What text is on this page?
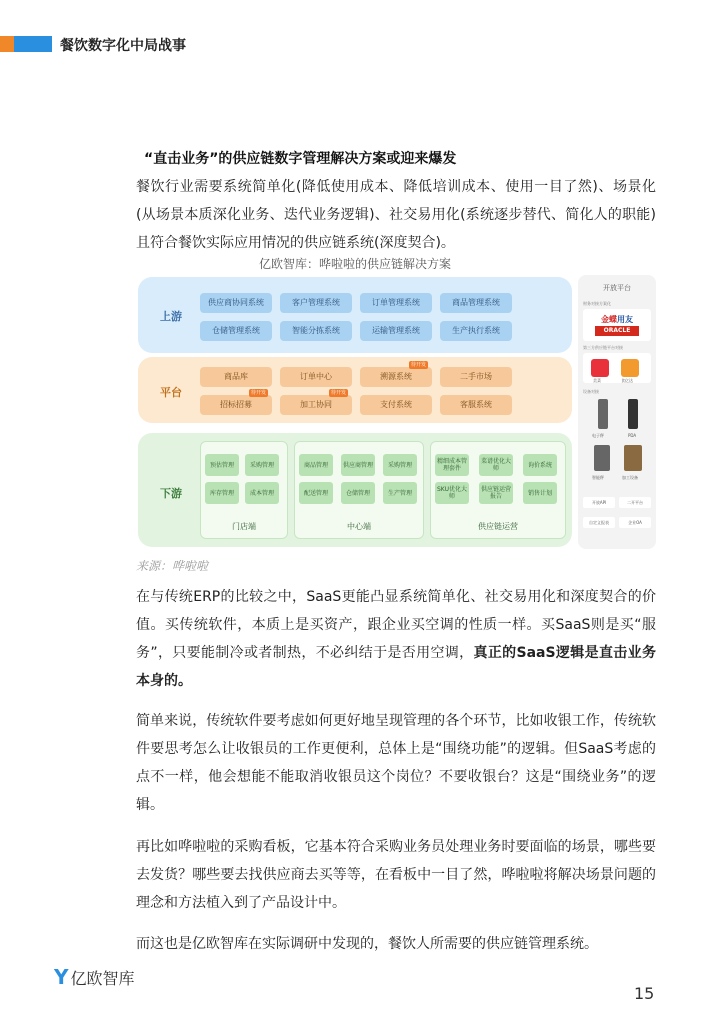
餐饮数字化中局战事
“直击业务”的供应链数字管理解决方案或迎来爆发
餐饮行业需要系统简单化(降低使用成本、降低培训成本、使用一目了然)、场景化(从场景本质深化业务、迭代业务逻辑)、社交易用化(系统逐步替代、简化人的职能)且符合餐饮实际应用情况的供应链系统(深度契合)。
亿欧智库：哗啦啦的供应链解决方案
上游
供应商协同系统	客户管理系统	订单管理系统	商品管理系统
仓储管理系统	智能分拣系统	运输管理系统	生产执行系统
平台
商品库	订单中心	溯源系统
待开发
二手市场
招标招募
待开发
加工协同
待开发
支付系统	客服系统
下游
预估管理	采购管理
库存管理	成本管理
门店端
商品管理	供应商管理	采购管理
配送管理	仓储管理	生产管理
中心端
精细成本管理套件
菜谱优化大师	询价系统
SKU优化大师
供应链运营报告	销售计划
供应链运营
开放平台
财务对接方案化
金蝶用友
ORACLE
第三方供应链平台对接
美菜	食亿达
设备对接
电子秤	PDA
智能秤	加工设备
开放API	二开平台
自定义报表	企业OA
来源：哗啦啦
在与传统ERP的比较之中，SaaS更能凸显系统简单化、社交易用化和深度契合的价值。买传统软件，本质上是买资产，跟企业买空调的性质一样。买SaaS则是买“服务”，只要能制冷或者制热，不必纠结于是否用空调，真正的SaaS逻辑是直击业务本身的。
简单来说，传统软件要考虑如何更好地呈现管理的各个环节，比如收银工作，传统软件要思考怎么让收银员的工作更便利，总体上是“围绕功能”的逻辑。但SaaS考虑的点不一样，他会想能不能取消收银员这个岗位？不要收银台？这是“围绕业务”的逻辑。
再比如哗啦啦的采购看板，它基本符合采购业务员处理业务时要面临的场景，哪些要去发货？哪些要去找供应商去买等等，在看板中一目了然，哗啦啦将解决场景问题的理念和方法植入到了产品设计中。
而这也是亿欧智库在实际调研中发现的，餐饮人所需要的供应链管理系统。
Y 亿欧智库
15
